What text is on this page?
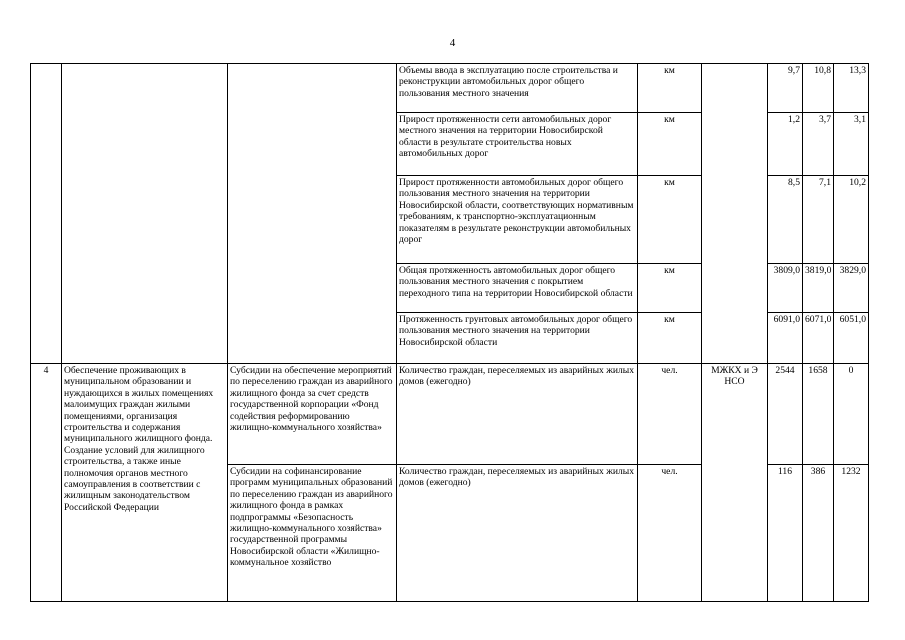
4
			Объемы ввода в эксплуатацию после строительства и реконструкции автомобильных дорог общего пользования местного значения	км		9,7	10,8	13,3
			Прирост протяженности сети автомобильных дорог местного значения на территории Новосибирской области в результате строительства новых автомобильных дорог	км		1,2	3,7	3,1
			Прирост протяженности автомобильных дорог общего пользования местного значения на территории Новосибирской области, соответствующих нормативным требованиям, к транспортно-эксплуатационным показателям в результате реконструкции автомобильных дорог	км		8,5	7,1	10,2
			Общая протяженность автомобильных дорог общего пользования местного значения с покрытием переходного типа на территории Новосибирской области	км		3809,0	3819,0	3829,0
			Протяженность грунтовых автомобильных дорог общего пользования местного значения на территории Новосибирской области	км		6091,0	6071,0	6051,0
4	Обеспечение проживающих в муниципальном образовании и нуждающихся в жилых помещениях малоимущих граждан жилыми помещениями, организация строительства и содержания муниципального жилищного фонда. Создание условий для жилищного строительства, а также иные полномочия органов местного самоуправления в соответствии с жилищным законодательством Российской Федерации	Субсидии на обеспечение мероприятий по переселению граждан из аварийного жилищного фонда за счет средств государственной корпорации «Фонд содействия реформированию жилищно-коммунального хозяйства»	Количество граждан, переселяемых из аварийных жилых домов (ежегодно)	чел.	МЖКХ и Э НСО	2544	1658	0
		Субсидии на софинансирование программ муниципальных образований по переселению граждан из аварийного жилищного фонда в рамках подпрограммы «Безопасность жилищно-коммунального хозяйства» государственной программы Новосибирской области «Жилищно-коммунальное хозяйство	Количество граждан, переселяемых из аварийных жилых домов (ежегодно)	чел.		116	386	1232
